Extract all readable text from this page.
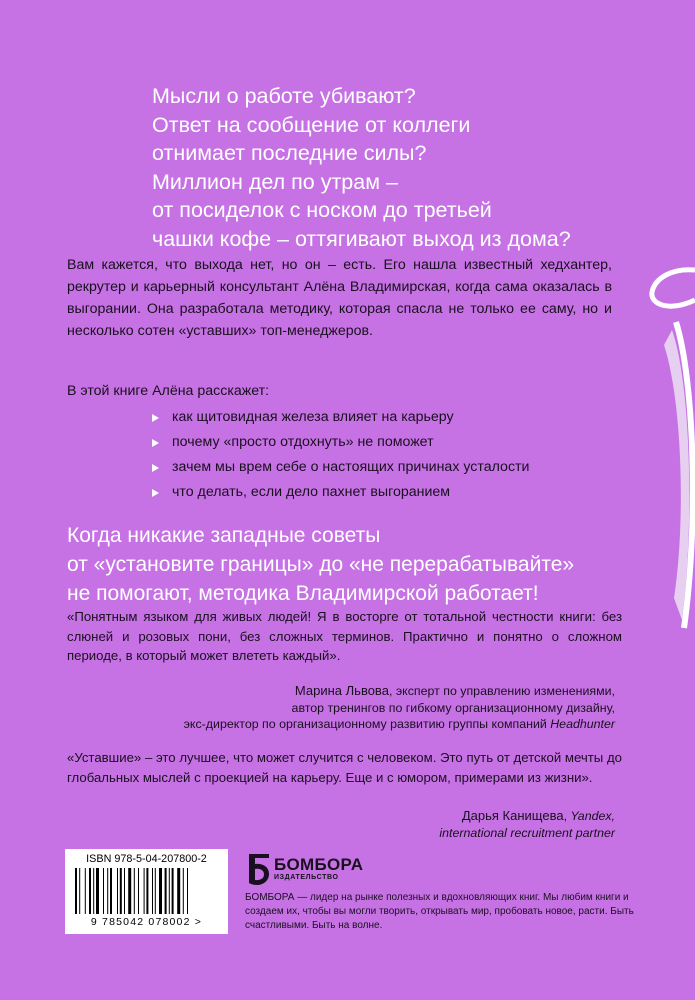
Мысли о работе убивают?
Ответ на сообщение от коллеги
отнимает последние силы?
Миллион дел по утрам –
от посиделок с носком до третьей
чашки кофе – оттягивают выход из дома?

Вам кажется, что выхода нет, но он – есть. Его нашла известный хедхантер, рекрутер и карьерный консультант Алёна Владимирская, когда сама оказалась в выгорании. Она разработала методику, которая спасла не только ее саму, но и несколько сотен «уставших» топ-менеджеров.

В этой книге Алёна расскажет:

как щитовидная железа влияет на карьеру
почему «просто отдохнуть» не поможет
зачем мы врем себе о настоящих причинах усталости
что делать, если дело пахнет выгоранием
Когда никакие западные советы
от «установите границы» до «не перерабатывайте»
не помогают, методика Владимирской работает!

«Понятным языком для живых людей! Я в восторге от тотальной честности книги: без слюней и розовых пони, без сложных терминов. Практично и понятно о сложном периоде, в который может влететь каждый».

Марина Львова, эксперт по управлению изменениями,
автор тренингов по гибкому организационному дизайну,
экс-директор по организационному развитию группы компаний Headhunter

«Уставшие» – это лучшее, что может случится с человеком. Это путь от детской мечты до глобальных мыслей с проекцией на карьеру. Еще и с юмором, примерами из жизни».

Дарья Канищева, Yandex,
international recruitment partner
ISBN 978-5-04-207800-2
9 785042 078002 >
БОМБОРА
ИЗДАТЕЛЬСТВО

БОМБОРА — лидер на рынке полезных и вдохновляющих книг. Мы любим книги и создаем их, чтобы вы могли творить, открывать мир, пробовать новое, расти. Быть счастливыми. Быть на волне.
